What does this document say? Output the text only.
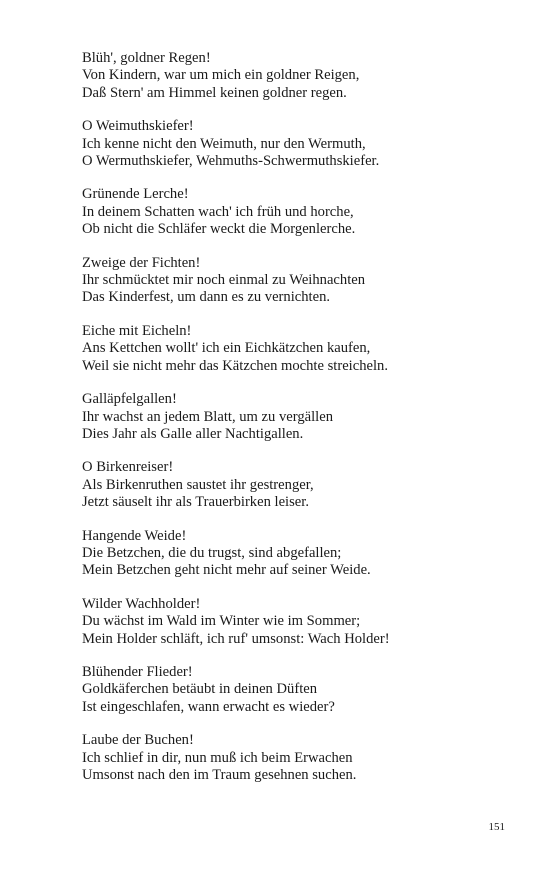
Blüh', goldner Regen!
Von Kindern, war um mich ein goldner Reigen,
Daß Stern' am Himmel keinen goldner regen.
O Weimuthskiefer!
Ich kenne nicht den Weimuth, nur den Wermuth,
O Wermuthskiefer, Wehmuths-Schwermuthskiefer.
Grünende Lerche!
In deinem Schatten wach' ich früh und horche,
Ob nicht die Schläfer weckt die Morgenlerche.
Zweige der Fichten!
Ihr schmücktet mir noch einmal zu Weihnachten
Das Kinderfest, um dann es zu vernichten.
Eiche mit Eicheln!
Ans Kettchen wollt' ich ein Eichkätzchen kaufen,
Weil sie nicht mehr das Kätzchen mochte streicheln.
Galläpfelgallen!
Ihr wachst an jedem Blatt, um zu vergällen
Dies Jahr als Galle aller Nachtigallen.
O Birkenreiser!
Als Birkenruthen saustet ihr gestrenger,
Jetzt säuselt ihr als Trauerbirken leiser.
Hangende Weide!
Die Betzchen, die du trugst, sind abgefallen;
Mein Betzchen geht nicht mehr auf seiner Weide.
Wilder Wachholder!
Du wächst im Wald im Winter wie im Sommer;
Mein Holder schläft, ich ruf' umsonst: Wach Holder!
Blühender Flieder!
Goldkäferchen betäubt in deinen Düften
Ist eingeschlafen, wann erwacht es wieder?
Laube der Buchen!
Ich schlief in dir, nun muß ich beim Erwachen
Umsonst nach den im Traum gesehnen suchen.
151
